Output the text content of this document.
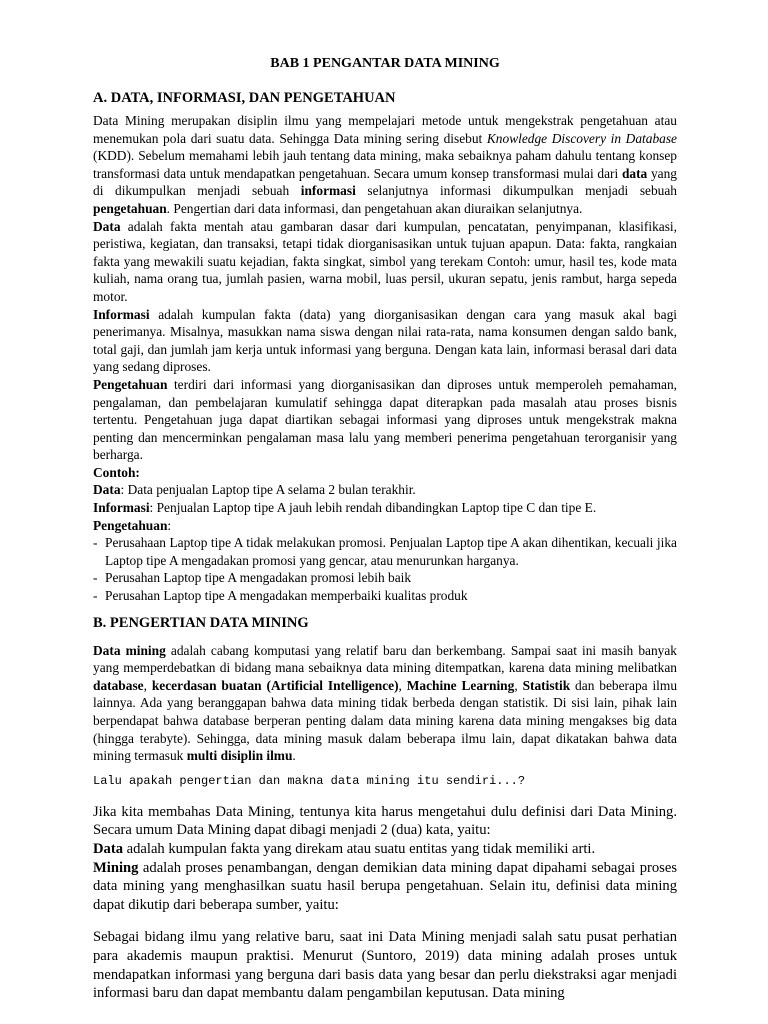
BAB 1 PENGANTAR DATA MINING
A. DATA, INFORMASI, DAN PENGETAHUAN

Data Mining merupakan disiplin ilmu yang mempelajari metode untuk mengekstrak pengetahuan atau menemukan pola dari suatu data. Sehingga Data mining sering disebut Knowledge Discovery in Database (KDD). Sebelum memahami lebih jauh tentang data mining, maka sebaiknya paham dahulu tentang konsep transformasi data untuk mendapatkan pengetahuan. Secara umum konsep transformasi mulai dari data yang di dikumpulkan menjadi sebuah informasi selanjutnya informasi dikumpulkan menjadi sebuah pengetahuan. Pengertian dari data informasi, dan pengetahuan akan diuraikan selanjutnya.

Data adalah fakta mentah atau gambaran dasar dari kumpulan, pencatatan, penyimpanan, klasifikasi, peristiwa, kegiatan, dan transaksi, tetapi tidak diorganisasikan untuk tujuan apapun. Data: fakta, rangkaian fakta yang mewakili suatu kejadian, fakta singkat, simbol yang terekam Contoh: umur, hasil tes, kode mata kuliah, nama orang tua, jumlah pasien, warna mobil, luas persil, ukuran sepatu, jenis rambut, harga sepeda motor.

Informasi adalah kumpulan fakta (data) yang diorganisasikan dengan cara yang masuk akal bagi penerimanya. Misalnya, masukkan nama siswa dengan nilai rata-rata, nama konsumen dengan saldo bank, total gaji, dan jumlah jam kerja untuk informasi yang berguna. Dengan kata lain, informasi berasal dari data yang sedang diproses.

Pengetahuan terdiri dari informasi yang diorganisasikan dan diproses untuk memperoleh pemahaman, pengalaman, dan pembelajaran kumulatif sehingga dapat diterapkan pada masalah atau proses bisnis tertentu. Pengetahuan juga dapat diartikan sebagai informasi yang diproses untuk mengekstrak makna penting dan mencerminkan pengalaman masa lalu yang memberi penerima pengetahuan terorganisir yang berharga.

Contoh:

Data: Data penjualan Laptop tipe A selama 2 bulan terakhir.

Informasi: Penjualan Laptop tipe A jauh lebih rendah dibandingkan Laptop tipe C dan tipe E.

Pengetahuan:

- Perusahaan Laptop tipe A tidak melakukan promosi. Penjualan Laptop tipe A akan dihentikan, kecuali jika Laptop tipe A mengadakan promosi yang gencar, atau menurunkan harganya.
- Perusahan Laptop tipe A mengadakan promosi lebih baik
- Perusahan Laptop tipe A mengadakan memperbaiki kualitas produk
B. PENGERTIAN DATA MINING

Data mining adalah cabang komputasi yang relatif baru dan berkembang. Sampai saat ini masih banyak yang memperdebatkan di bidang mana sebaiknya data mining ditempatkan, karena data mining melibatkan database, kecerdasan buatan (Artificial Intelligence), Machine Learning, Statistik dan beberapa ilmu lainnya. Ada yang beranggapan bahwa data mining tidak berbeda dengan statistik. Di sisi lain, pihak lain berpendapat bahwa database berperan penting dalam data mining karena data mining mengakses big data (hingga terabyte). Sehingga, data mining masuk dalam beberapa ilmu lain, dapat dikatakan bahwa data mining termasuk multi disiplin ilmu.

Lalu apakah pengertian dan makna data mining itu sendiri...?

Jika kita membahas Data Mining, tentunya kita harus mengetahui dulu definisi dari Data Mining. Secara umum Data Mining dapat dibagi menjadi 2 (dua) kata, yaitu:

Data adalah kumpulan fakta yang direkam atau suatu entitas yang tidak memiliki arti.

Mining adalah proses penambangan, dengan demikian data mining dapat dipahami sebagai proses data mining yang menghasilkan suatu hasil berupa pengetahuan. Selain itu, definisi data mining dapat dikutip dari beberapa sumber, yaitu:

Sebagai bidang ilmu yang relative baru, saat ini Data Mining menjadi salah satu pusat perhatian para akademis maupun praktisi. Menurut (Suntoro, 2019) data mining adalah proses untuk mendapatkan informasi yang berguna dari basis data yang besar dan perlu diekstraksi agar menjadi informasi baru dan dapat membantu dalam pengambilan keputusan. Data mining
